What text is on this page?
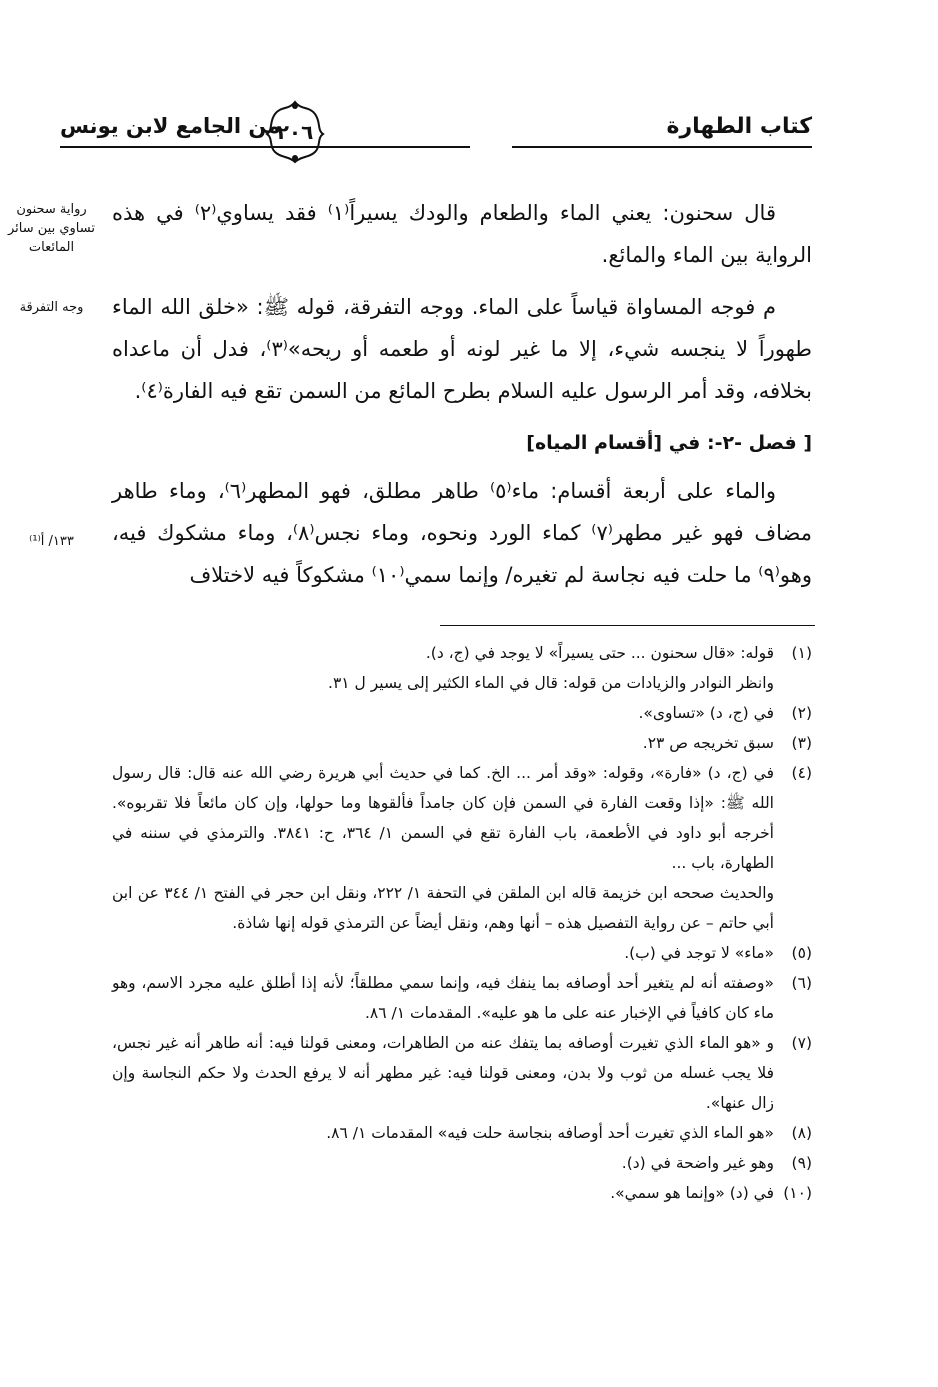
كتاب الطهارة
٢٠٦
من الجامع لابن يونس
رواية سحنون
تساوي بين سائر
المائعات
وجه التفرقة
١٣٣/ أ⁽¹⁾

قال سحنون: يعني الماء والطعام والودك يسيراً⁽١⁾ فقد يساوي⁽٢⁾ في هذه الرواية بين الماء والمائع.

م فوجه المساواة قياساً على الماء. ووجه التفرقة، قوله ﷺ: «خلق الله الماء طهوراً لا ينجسه شيء، إلا ما غير لونه أو طعمه أو ريحه»⁽٣⁾، فدل أن ماعداه بخلافه، وقد أمر الرسول عليه السلام بطرح المائع من السمن تقع فيه الفارة⁽٤⁾.

[ فصل -٢-: في [أقسام المياه]

والماء على أربعة أقسام: ماء⁽٥⁾ طاهر مطلق، فهو المطهر⁽٦⁾، وماء طاهر مضاف فهو غير مطهر⁽٧⁾ كماء الورد ونحوه، وماء نجس⁽٨⁾، وماء مشكوك فيه، وهو⁽٩⁾ ما حلت فيه نجاسة لم تغيره/ وإنما سمي⁽١٠⁾ مشكوكاً فيه لاختلاف

(١)
قوله: «قال سحنون ... حتى يسيراً» لا يوجد في (ج، د).
وانظر النوادر والزيادات من قوله: قال في الماء الكثير إلى يسير ل ٣١.
(٢)
في (ج، د) «تساوى».
(٣)
سبق تخريجه ص ٢٣.
(٤)
في (ج، د) «فارة»، وقوله: «وقد أمر ... الخ. كما في حديث أبي هريرة رضي الله عنه قال: قال رسول الله ﷺ: «إذا وقعت الفارة في السمن فإن كان جامداً فألقوها وما حولها، وإن كان مائعاً فلا تقربوه». أخرجه أبو داود في الأطعمة، باب الفارة تقع في السمن ١/ ٣٦٤، ح: ٣٨٤١. والترمذي في سننه في الطهارة، باب ...
والحديث صححه ابن خزيمة قاله ابن الملقن في التحفة ١/ ٢٢٢، ونقل ابن حجر في الفتح ١/ ٣٤٤ عن ابن أبي حاتم – عن رواية التفصيل هذه – أنها وهم، ونقل أيضاً عن الترمذي قوله إنها شاذة.
(٥)
«ماء» لا توجد في (ب).
(٦)
«وصفته أنه لم يتغير أحد أوصافه بما ينفك فيه، وإنما سمي مطلقاً؛ لأنه إذا أطلق عليه مجرد الاسم، وهو ماء كان كافياً في الإخبار عنه على ما هو عليه». المقدمات ١/ ٨٦.
(٧)
و «هو الماء الذي تغيرت أوصافه بما يتفك عنه من الطاهرات، ومعنى قولنا فيه: أنه طاهر أنه غير نجس، فلا يجب غسله من ثوب ولا بدن، ومعنى قولنا فيه: غير مطهر أنه لا يرفع الحدث ولا حكم النجاسة وإن زال عنها».
(٨)
«هو الماء الذي تغيرت أحد أوصافه بنجاسة حلت فيه» المقدمات ١/ ٨٦.
(٩)
وهو غير واضحة في (د).
(١٠)
في (د) «وإنما هو سمي».
